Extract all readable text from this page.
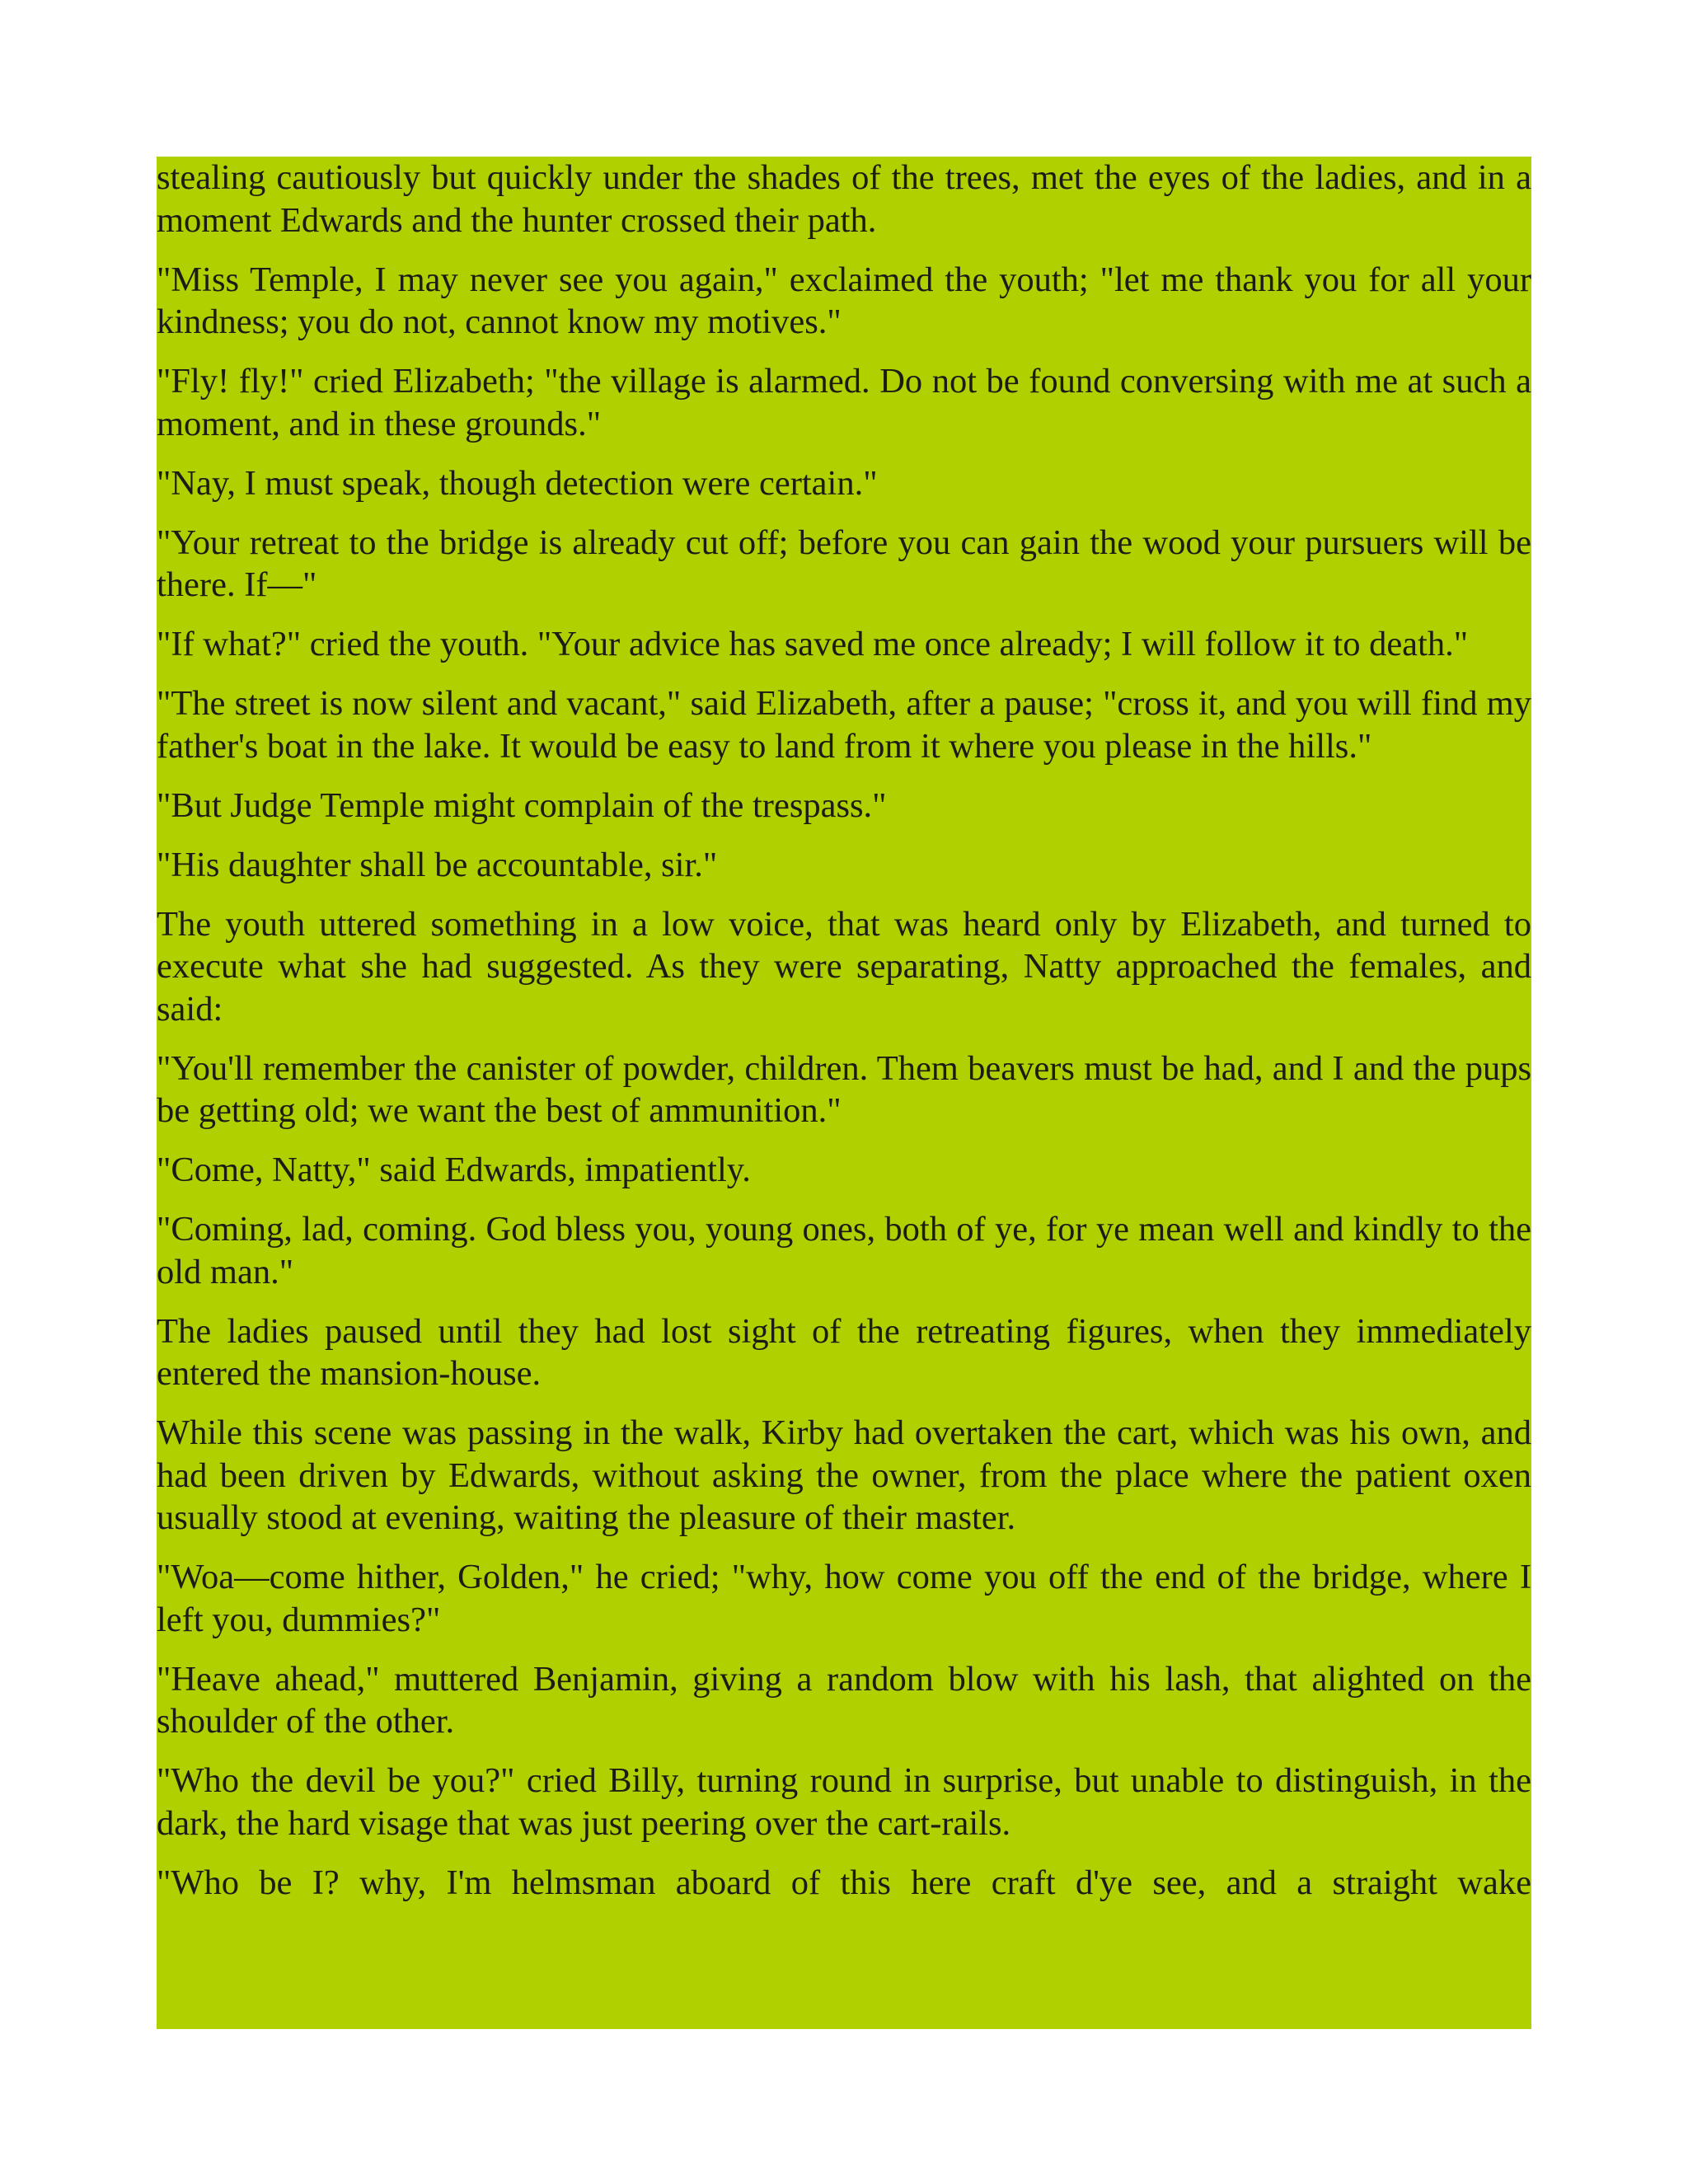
stealing cautiously but quickly under the shades of the trees, met the eyes of the ladies, and in a moment Edwards and the hunter crossed their path.

"Miss Temple, I may never see you again," exclaimed the youth; "let me thank you for all your kindness; you do not, cannot know my motives."

"Fly! fly!" cried Elizabeth; "the village is alarmed. Do not be found conversing with me at such a moment, and in these grounds."

"Nay, I must speak, though detection were certain."

"Your retreat to the bridge is already cut off; before you can gain the wood your pursuers will be there. If—"

"If what?" cried the youth. "Your advice has saved me once already; I will follow it to death."

"The street is now silent and vacant," said Elizabeth, after a pause; "cross it, and you will find my father's boat in the lake. It would be easy to land from it where you please in the hills."

"But Judge Temple might complain of the trespass."

"His daughter shall be accountable, sir."

The youth uttered something in a low voice, that was heard only by Elizabeth, and turned to execute what she had suggested. As they were separating, Natty approached the females, and said:

"You'll remember the canister of powder, children. Them beavers must be had, and I and the pups be getting old; we want the best of ammunition."

"Come, Natty," said Edwards, impatiently.

"Coming, lad, coming. God bless you, young ones, both of ye, for ye mean well and kindly to the old man."

The ladies paused until they had lost sight of the retreating figures, when they immediately entered the mansion-house.

While this scene was passing in the walk, Kirby had overtaken the cart, which was his own, and had been driven by Edwards, without asking the owner, from the place where the patient oxen usually stood at evening, waiting the pleasure of their master.

"Woa—come hither, Golden," he cried; "why, how come you off the end of the bridge, where I left you, dummies?"

"Heave ahead," muttered Benjamin, giving a random blow with his lash, that alighted on the shoulder of the other.

"Who the devil be you?" cried Billy, turning round in surprise, but unable to distinguish, in the dark, the hard visage that was just peering over the cart-rails.

"Who be I? why, I'm helmsman aboard of this here craft d'ye see, and a straight wake
